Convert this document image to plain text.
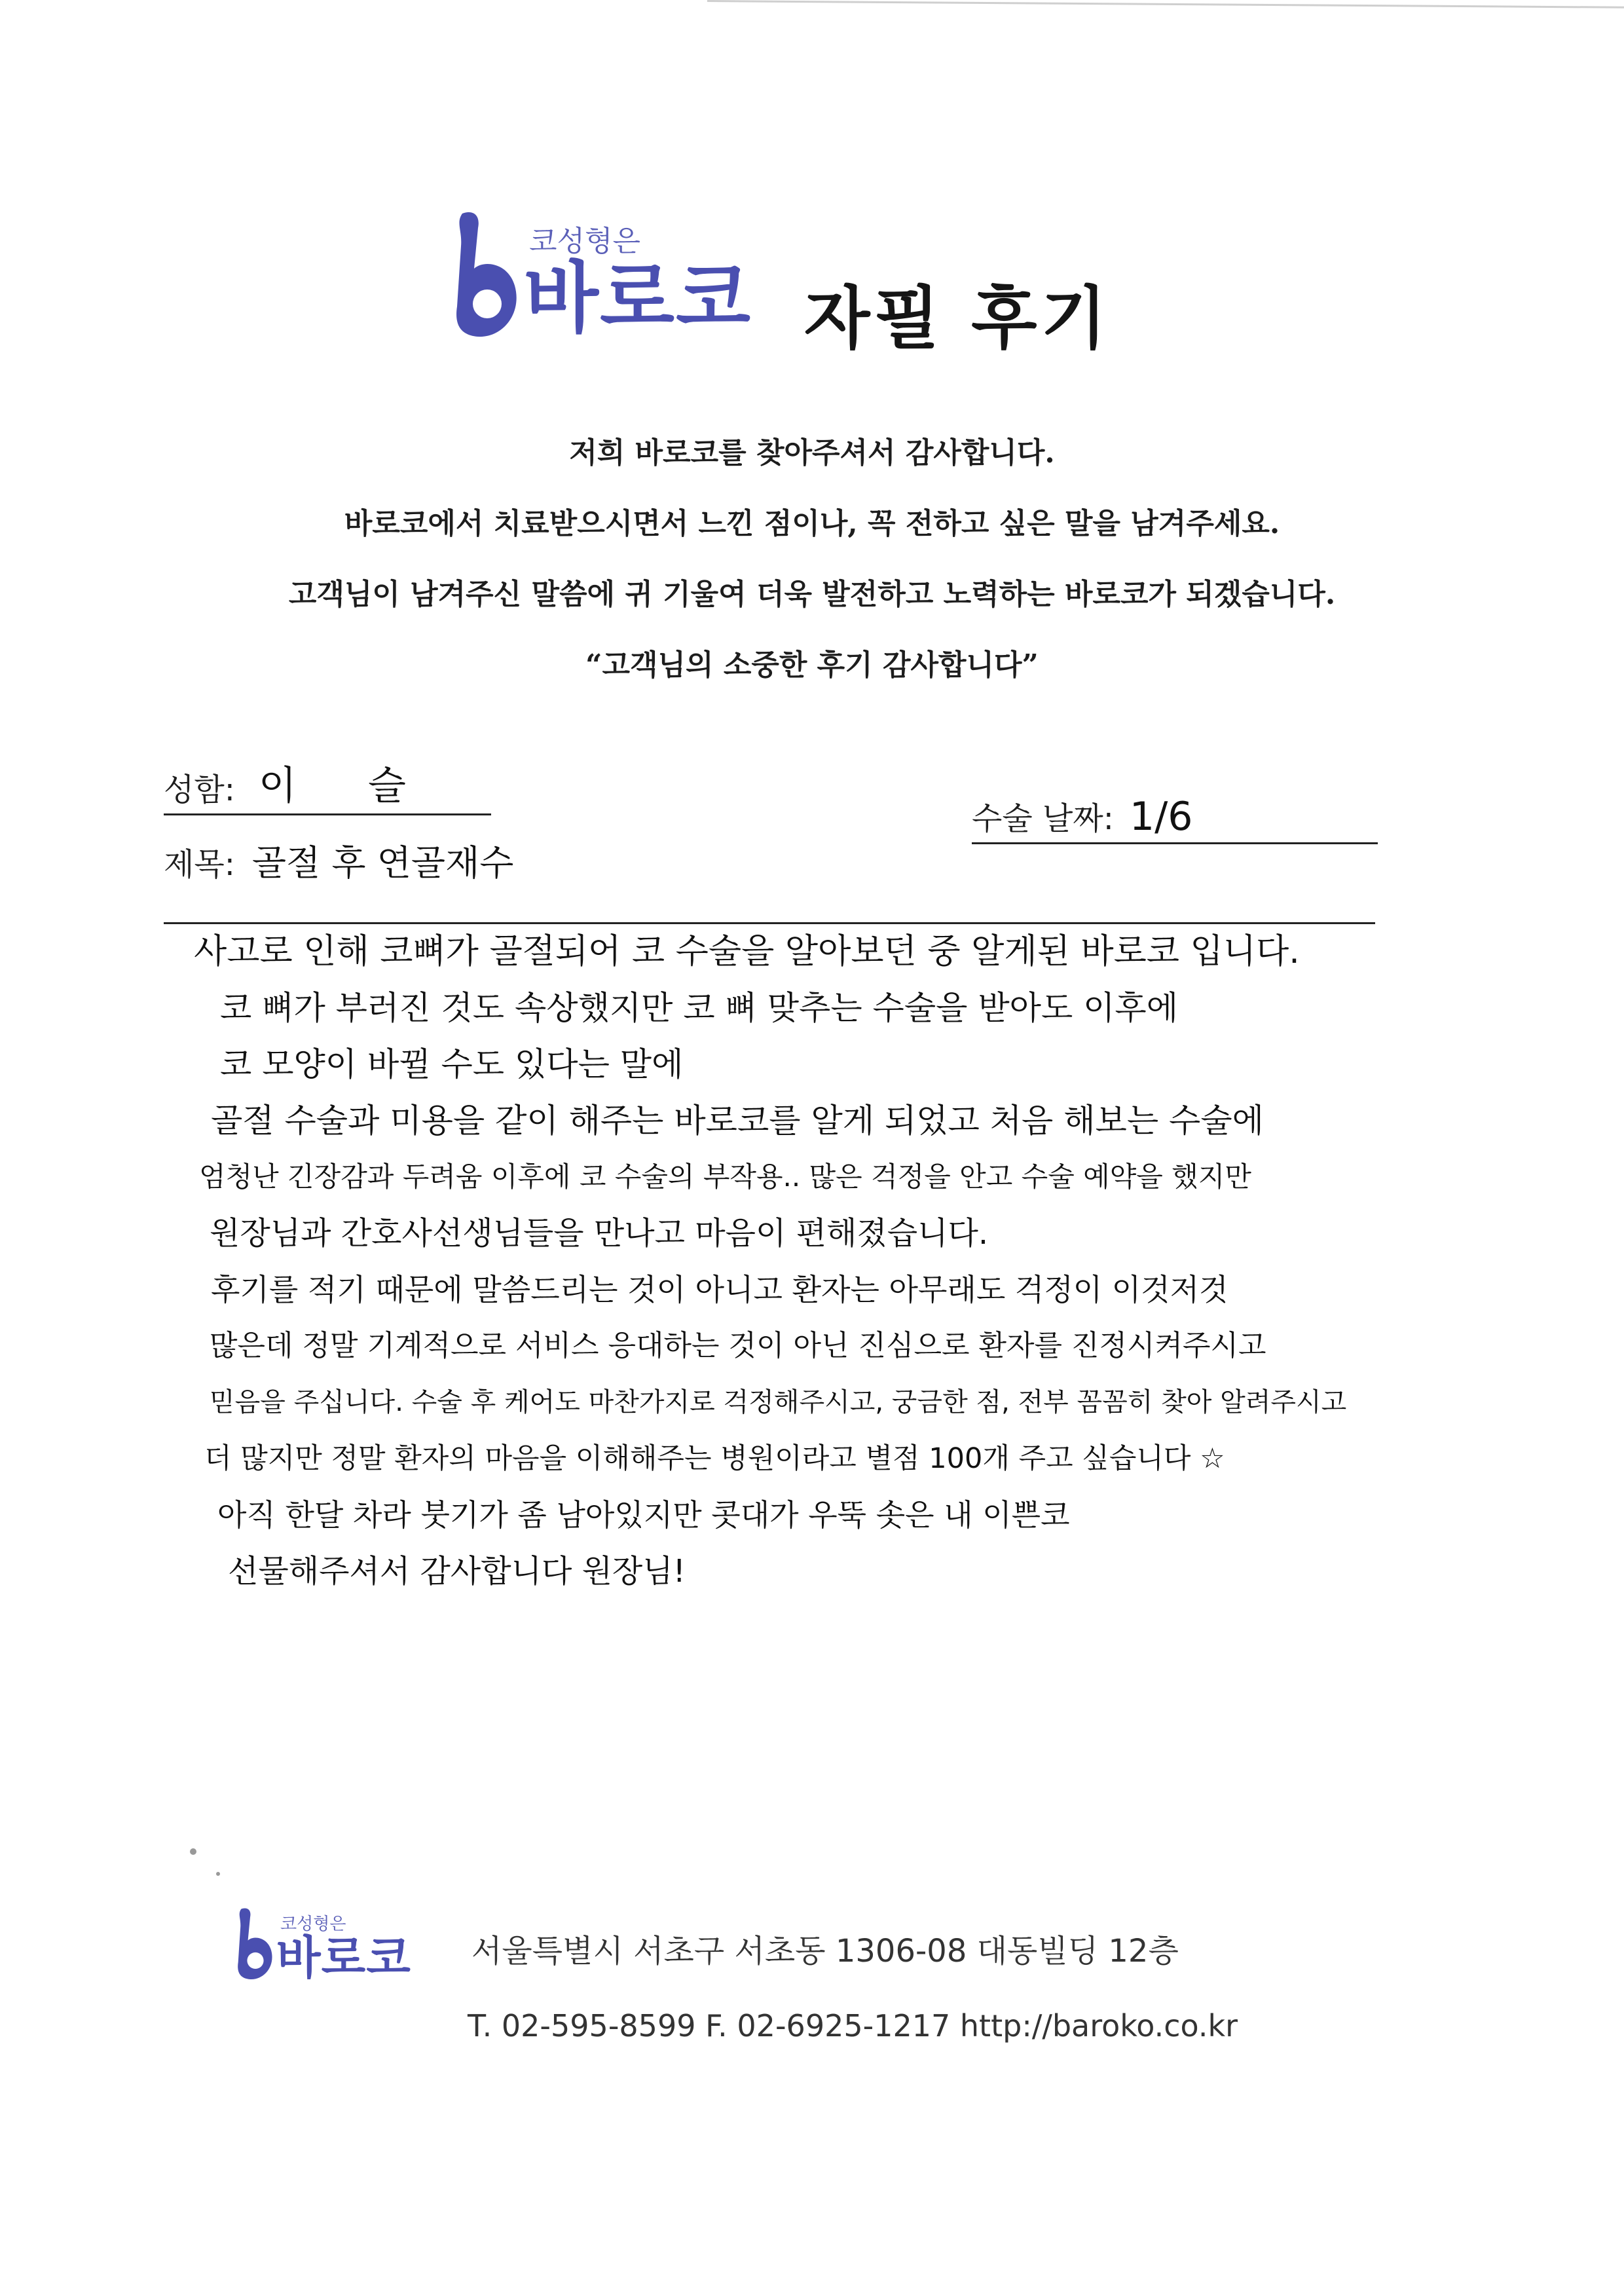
코성형은
바로코 자필 후기
저희 바로코를 찾아주셔서 감사합니다.
바로코에서 치료받으시면서 느낀 점이나, 꼭 전하고 싶은 말을 남겨주세요.
고객님이 남겨주신 말씀에 귀 기울여 더욱 발전하고 노력하는 바로코가 되겠습니다.
“고객님의 소중한 후기 감사합니다”
성함: 이 슬
수술 날짜: 1/6
제목: 골절 후 연골재수
사고로 인해 코뼈가 골절되어 코 수술을 알아보던 중 알게된 바로코 입니다.
코 뼈가 부러진 것도 속상했지만 코 뼈 맞추는 수술을 받아도 이후에
코 모양이 바뀔 수도 있다는 말에
골절 수술과 미용을 같이 해주는 바로코를 알게 되었고 처음 해보는 수술에
엄청난 긴장감과 두려움 이후에 코 수술의 부작용.. 많은 걱정을 안고 수술 예약을 했지만
원장님과 간호사선생님들을 만나고 마음이 편해졌습니다.
후기를 적기 때문에 말씀드리는 것이 아니고 환자는 아무래도 걱정이 이것저것
많은데 정말 기계적으로 서비스 응대하는 것이 아닌 진심으로 환자를 진정시켜주시고
믿음을 주십니다. 수술 후 케어도 마찬가지로 걱정해주시고, 궁금한 점, 전부 꼼꼼히 찾아 알려주시고
더 많지만 정말 환자의 마음을 이해해주는 병원이라고 별점 100개 주고 싶습니다 ☆
아직 한달 차라 붓기가 좀 남아있지만 콧대가 우뚝 솟은 내 이쁜코
선물해주셔서 감사합니다 원장님!
코성형은
바로코 서울특별시 서초구 서초동 1306-08 대동빌딩 12층
T. 02-595-8599 F. 02-6925-1217 http://baroko.co.kr
